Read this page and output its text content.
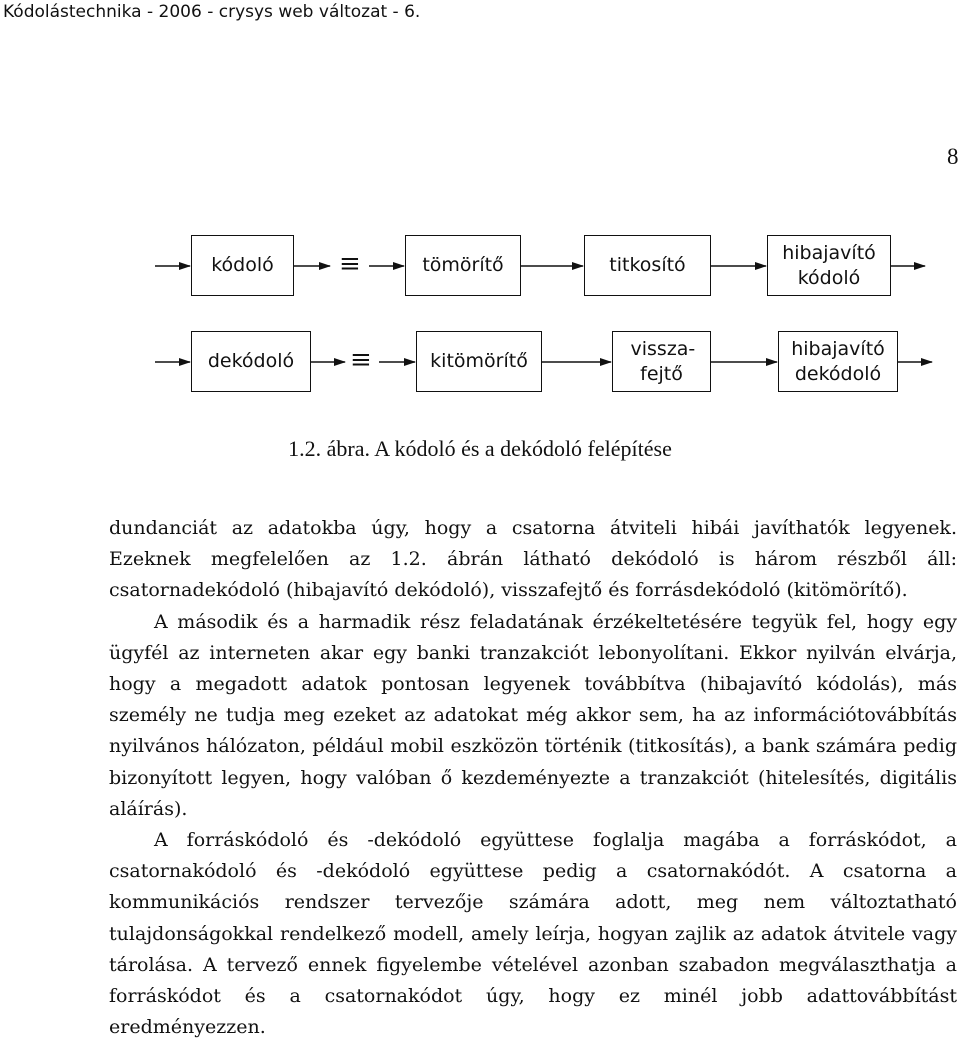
Kódolástechnika - 2006 - crysys web változat - 6.
8
kódoló	≡	tömörítő	titkosító
hibajavító kódoló
dekódoló ≡	kitömörítő
vissza-fejtő
hibajavító dekódoló
1.2. ábra. A kódoló és a dekódoló felépítése

dundanciát az adatokba úgy, hogy a csatorna átviteli hibái javíthatók legyenek. Ezeknek megfelelően az 1.2. ábrán látható dekódoló is három részből áll: csatornadekódoló (hibajavító dekódoló), visszafejtő és forrásdekódoló (kitömörítő).

A második és a harmadik rész feladatának érzékeltetésére tegyük fel, hogy egy ügyfél az interneten akar egy banki tranzakciót lebonyolítani. Ekkor nyilván elvárja, hogy a megadott adatok pontosan legyenek továbbítva (hibajavító kódolás), más személy ne tudja meg ezeket az adatokat még akkor sem, ha az információtovábbítás nyilvános hálózaton, például mobil eszközön történik (titkosítás), a bank számára pedig bizonyított legyen, hogy valóban ő kezdeményezte a tranzakciót (hitelesítés, digitális aláírás).

A forráskódoló és -dekódoló együttese foglalja magába a forráskódot, a csatornakódoló és -dekódoló együttese pedig a csatornakódót. A csatorna a kommunikációs rendszer tervezője számára adott, meg nem változtatható tulajdonságokkal rendelkező modell, amely leírja, hogyan zajlik az adatok átvitele vagy tárolása. A tervező ennek figyelembe vételével azonban szabadon megválaszthatja a forráskódot és a csatornakódot úgy, hogy ez minél jobb adattovábbítást eredményezzen.
